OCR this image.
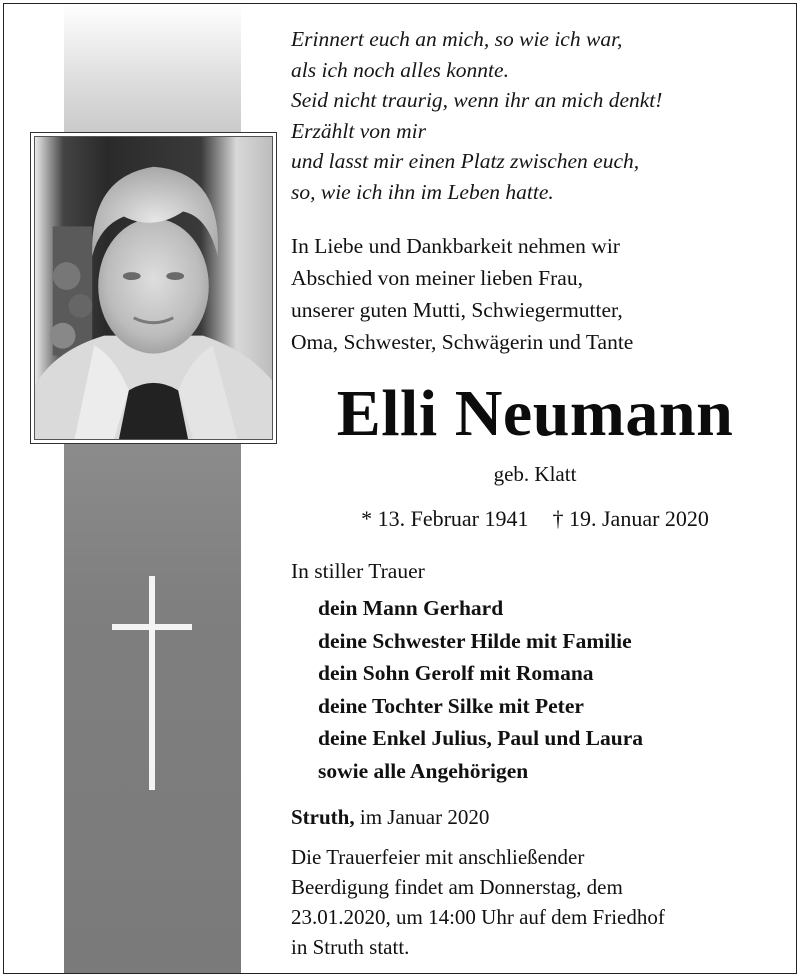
Erinnert euch an mich, so wie ich war,
als ich noch alles konnte.
Seid nicht traurig, wenn ihr an mich denkt!
Erzählt von mir
und lasst mir einen Platz zwischen euch,
so, wie ich ihn im Leben hatte.
In Liebe und Dankbarkeit nehmen wir
Abschied von meiner lieben Frau,
unserer guten Mutti, Schwiegermutter,
Oma, Schwester, Schwägerin und Tante
Elli Neumann
geb. Klatt
* 13. Februar 1941 † 19. Januar 2020
In stiller Trauer
dein Mann Gerhard
deine Schwester Hilde mit Familie
dein Sohn Gerolf mit Romana
deine Tochter Silke mit Peter
deine Enkel Julius, Paul und Laura
sowie alle Angehörigen
Struth, im Januar 2020
Die Trauerfeier mit anschließender
Beerdigung findet am Donnerstag, dem
23.01.2020, um 14:00 Uhr auf dem Friedhof
in Struth statt.
